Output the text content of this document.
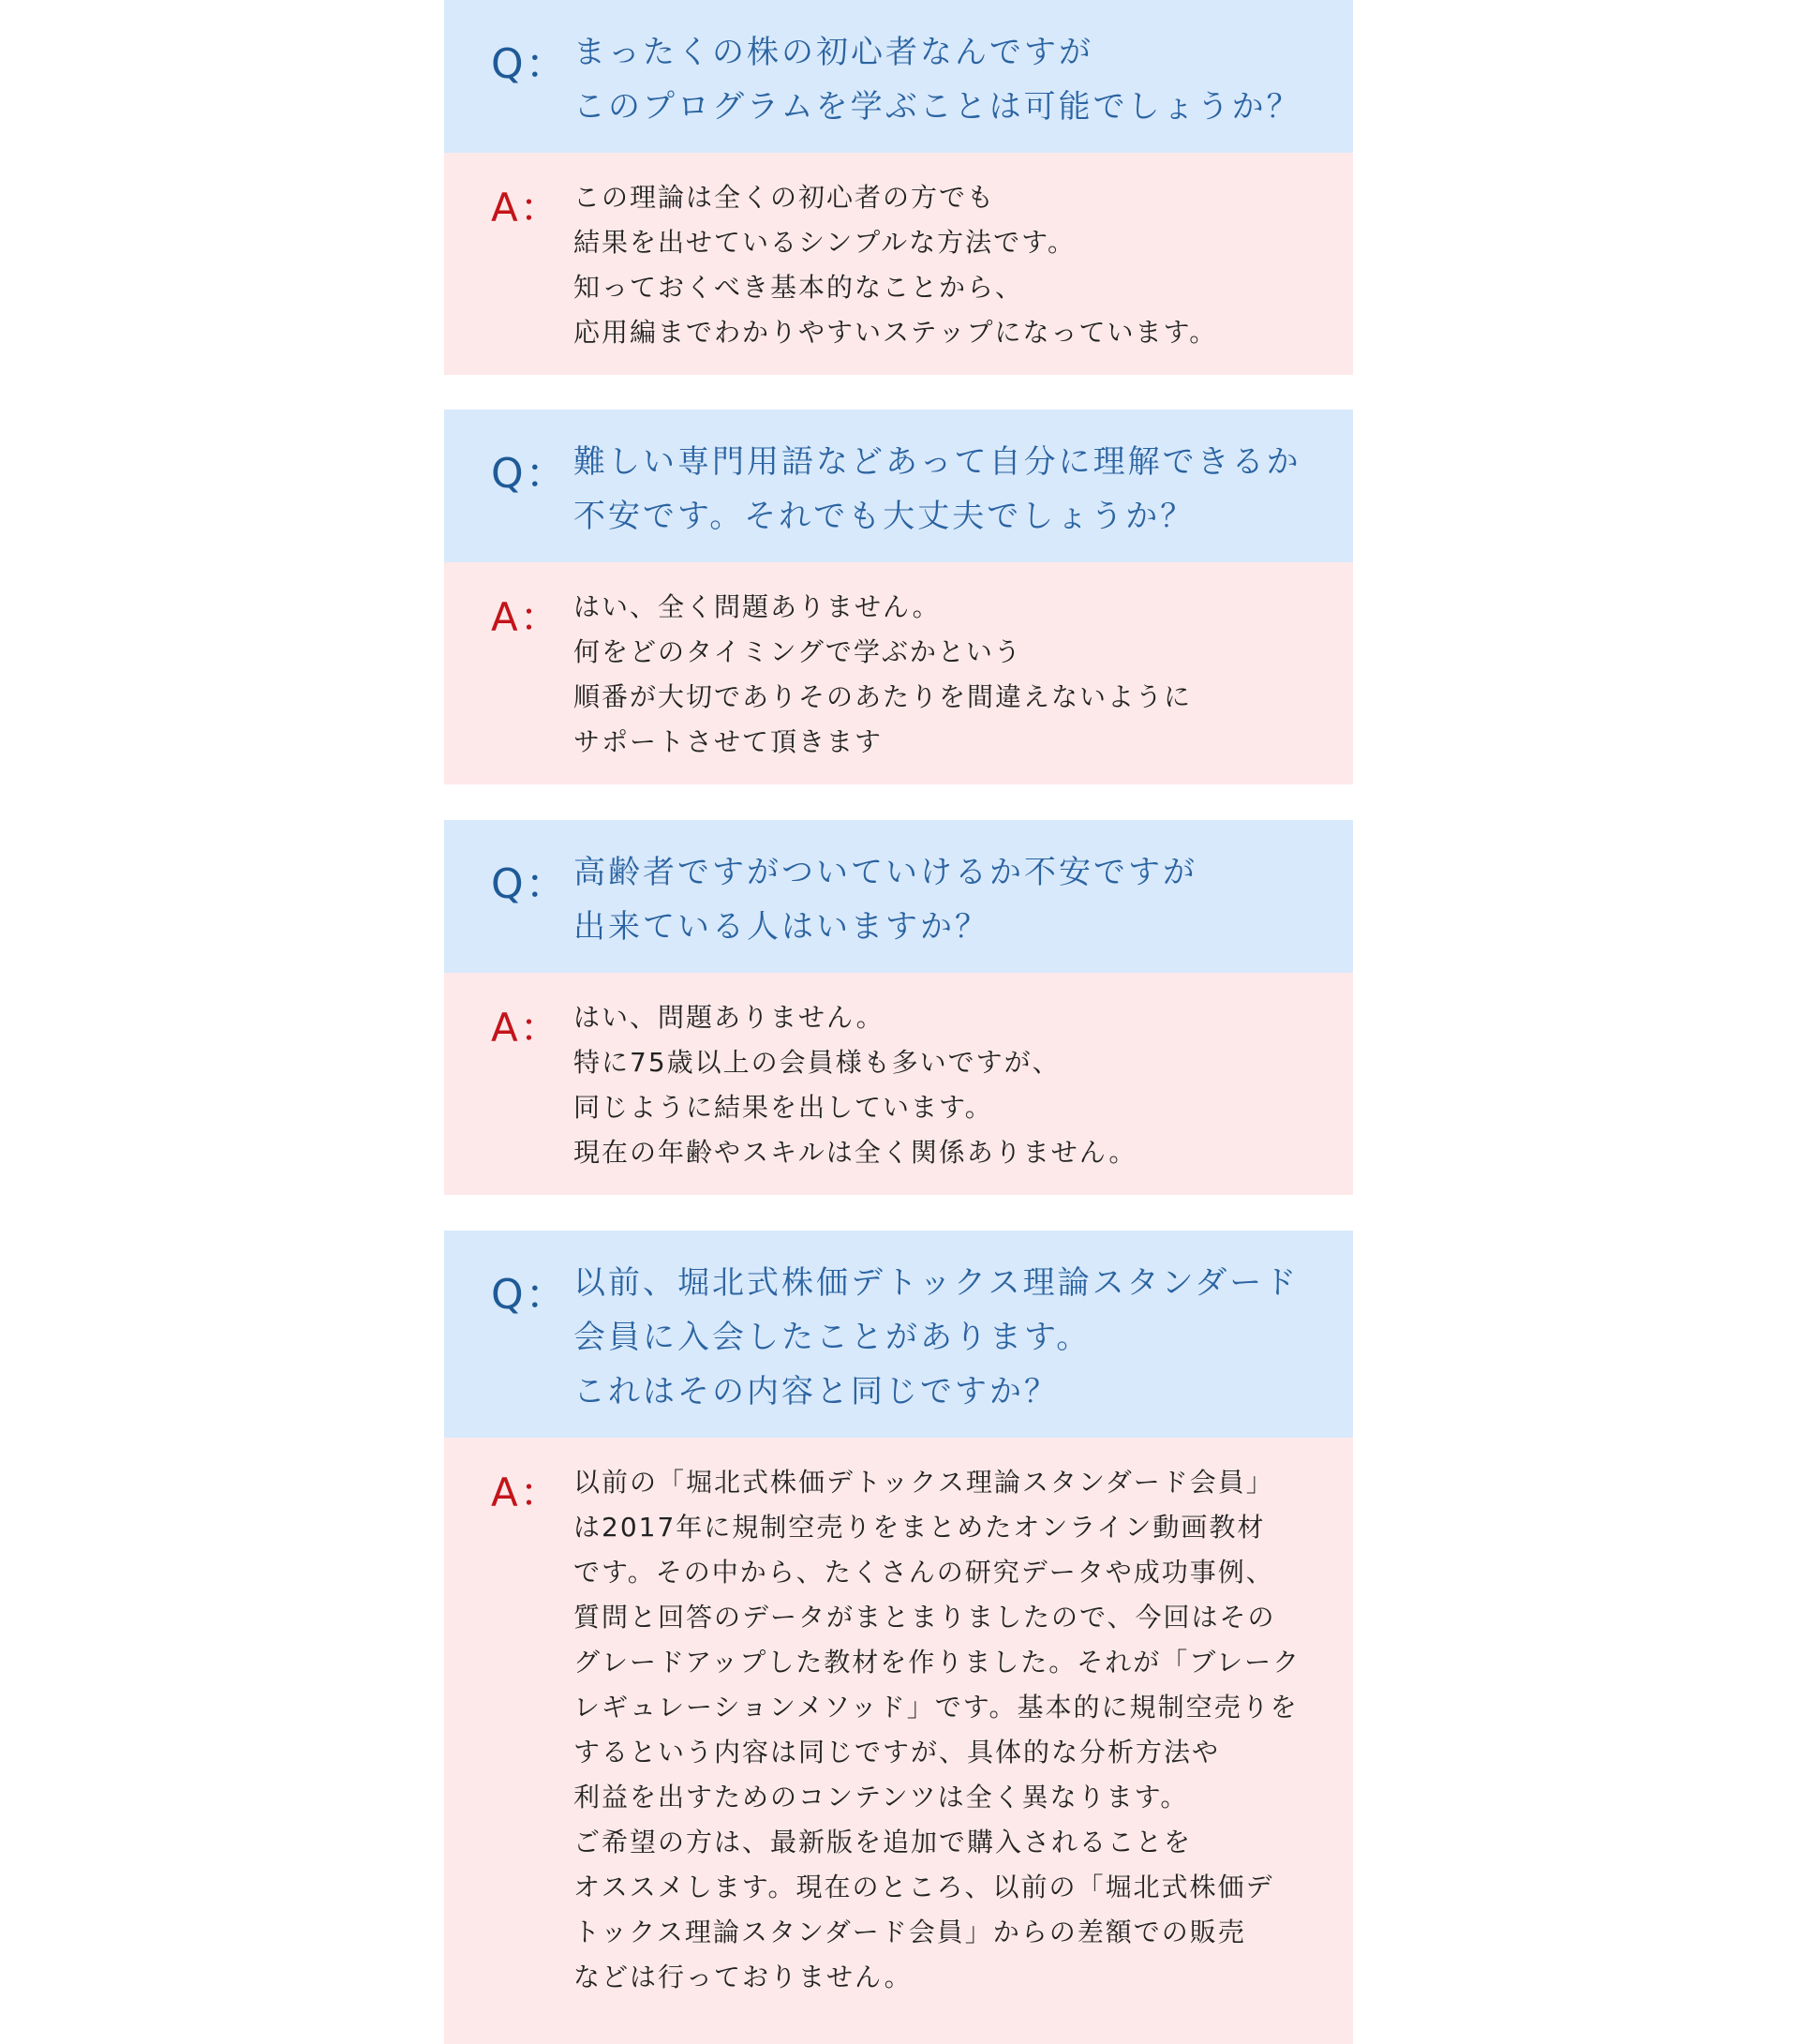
Q： まったくの株の初心者なんですが
このプログラムを学ぶことは可能でしょうか？
A： この理論は全くの初心者の方でも
結果を出せているシンプルな方法です。
知っておくべき基本的なことから、
応用編までわかりやすいステップになっています。
Q： 難しい専門用語などあって自分に理解できるか
不安です。それでも大丈夫でしょうか？
A： はい、全く問題ありません。
何をどのタイミングで学ぶかという
順番が大切でありそのあたりを間違えないように
サポートさせて頂きます
Q： 高齢者ですがついていけるか不安ですが
出来ている人はいますか？
A： はい、問題ありません。
特に75歳以上の会員様も多いですが、
同じように結果を出しています。
現在の年齢やスキルは全く関係ありません。
Q： 以前、堀北式株価デトックス理論スタンダード
会員に入会したことがあります。
これはその内容と同じですか？
A： 以前の「堀北式株価デトックス理論スタンダード会員」
は2017年に規制空売りをまとめたオンライン動画教材
です。その中から、たくさんの研究データや成功事例、
質問と回答のデータがまとまりましたので、今回はその
グレードアップした教材を作りました。それが「ブレーク
レギュレーションメソッド」です。基本的に規制空売りを
するという内容は同じですが、具体的な分析方法や
利益を出すためのコンテンツは全く異なります。
ご希望の方は、最新版を追加で購入されることを
オススメします。現在のところ、以前の「堀北式株価デ
トックス理論スタンダード会員」からの差額での販売
などは行っておりません。
